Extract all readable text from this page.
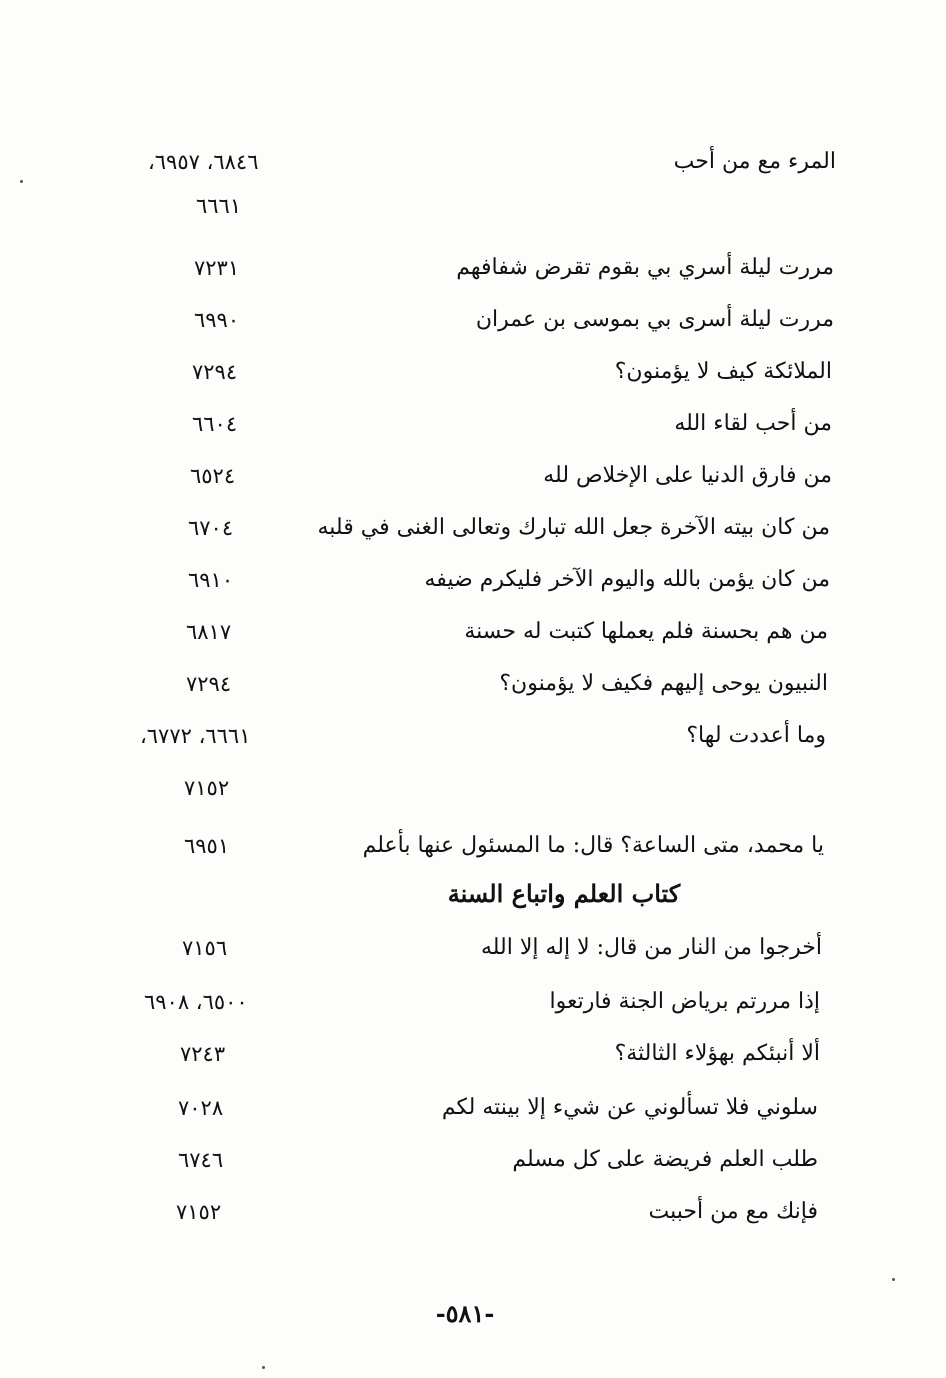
المرء مع من أحب
٦٨٤٦، ٦٩٥٧،
٦٦٦١
مررت ليلة أسري بي بقوم تقرض شفافهم
٧٢٣١
مررت ليلة أسرى بي بموسى بن عمران
٦٩٩٠
الملائكة كيف لا يؤمنون؟
٧٢٩٤
من أحب لقاء الله
٦٦٠٤
من فارق الدنيا على الإخلاص لله
٦٥٢٤
من كان بيته الآخرة جعل الله تبارك وتعالى الغنى في قلبه
٦٧٠٤
من كان يؤمن بالله واليوم الآخر فليكرم ضيفه
٦٩١٠
من هم بحسنة فلم يعملها كتبت له حسنة
٦٨١٧
النبيون يوحى إليهم فكيف لا يؤمنون؟
٧٢٩٤
وما أعددت لها؟
٦٦٦١، ٦٧٧٢،
٧١٥٢
يا محمد، متى الساعة؟ قال: ما المسئول عنها بأعلم
٦٩٥١
كتاب العلم واتباع السنة
أخرجوا من النار من قال: لا إله إلا الله
٧١٥٦
إذا مررتم برياض الجنة فارتعوا
٦٥٠٠، ٦٩٠٨
ألا أنبئكم بهؤلاء الثالثة؟
٧٢٤٣
سلوني فلا تسألوني عن شيء إلا بينته لكم
٧٠٢٨
طلب العلم فريضة على كل مسلم
٦٧٤٦
فإنك مع من أحببت
٧١٥٢
-٥٨١-
